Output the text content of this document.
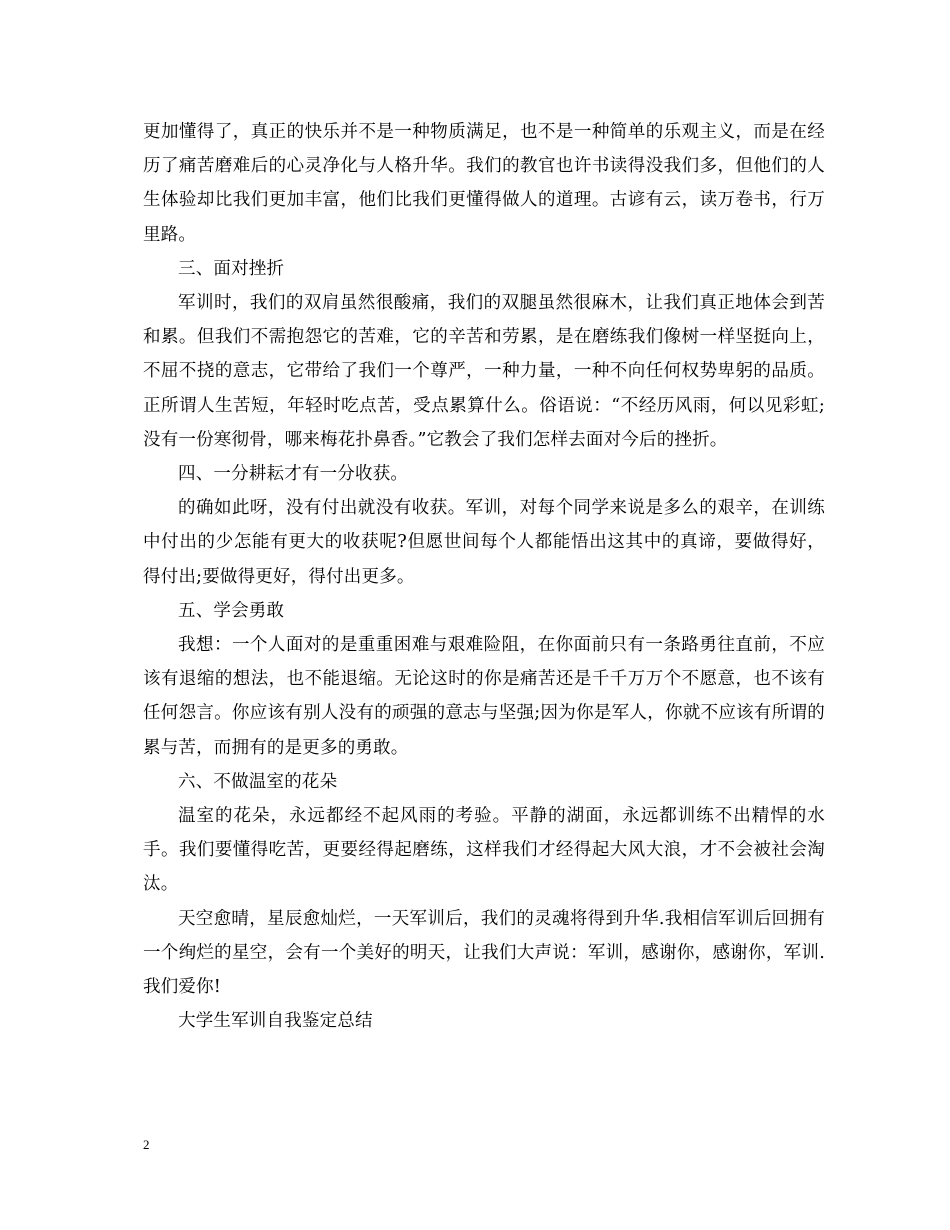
更加懂得了，真正的快乐并不是一种物质满足，也不是一种简单的乐观主义，而是在经历了痛苦磨难后的心灵净化与人格升华。我们的教官也许书读得没我们多，但他们的人生体验却比我们更加丰富，他们比我们更懂得做人的道理。古谚有云，读万卷书，行万里路。

三、面对挫折

军训时，我们的双肩虽然很酸痛，我们的双腿虽然很麻木，让我们真正地体会到苦和累。但我们不需抱怨它的苦难，它的辛苦和劳累，是在磨练我们像树一样坚挺向上，不屈不挠的意志，它带给了我们一个尊严，一种力量，一种不向任何权势卑躬的品质。正所谓人生苦短，年轻时吃点苦，受点累算什么。俗语说：“不经历风雨，何以见彩虹;没有一份寒彻骨，哪来梅花扑鼻香。”它教会了我们怎样去面对今后的挫折。

四、一分耕耘才有一分收获。

的确如此呀，没有付出就没有收获。军训，对每个同学来说是多么的艰辛，在训练中付出的少怎能有更大的收获呢?但愿世间每个人都能悟出这其中的真谛，要做得好，得付出;要做得更好，得付出更多。

五、学会勇敢

我想：一个人面对的是重重困难与艰难险阻，在你面前只有一条路勇往直前，不应该有退缩的想法，也不能退缩。无论这时的你是痛苦还是千千万万个不愿意，也不该有任何怨言。你应该有别人没有的顽强的意志与坚强;因为你是军人，你就不应该有所谓的累与苦，而拥有的是更多的勇敢。

六、不做温室的花朵

温室的花朵，永远都经不起风雨的考验。平静的湖面，永远都训练不出精悍的水手。我们要懂得吃苦，更要经得起磨练，这样我们才经得起大风大浪，才不会被社会淘汰。

天空愈晴，星辰愈灿烂，一天军训后，我们的灵魂将得到升华.我相信军训后回拥有一个绚烂的星空，会有一个美好的明天，让我们大声说：军训，感谢你，感谢你，军训.我们爱你!

大学生军训自我鉴定总结

2
